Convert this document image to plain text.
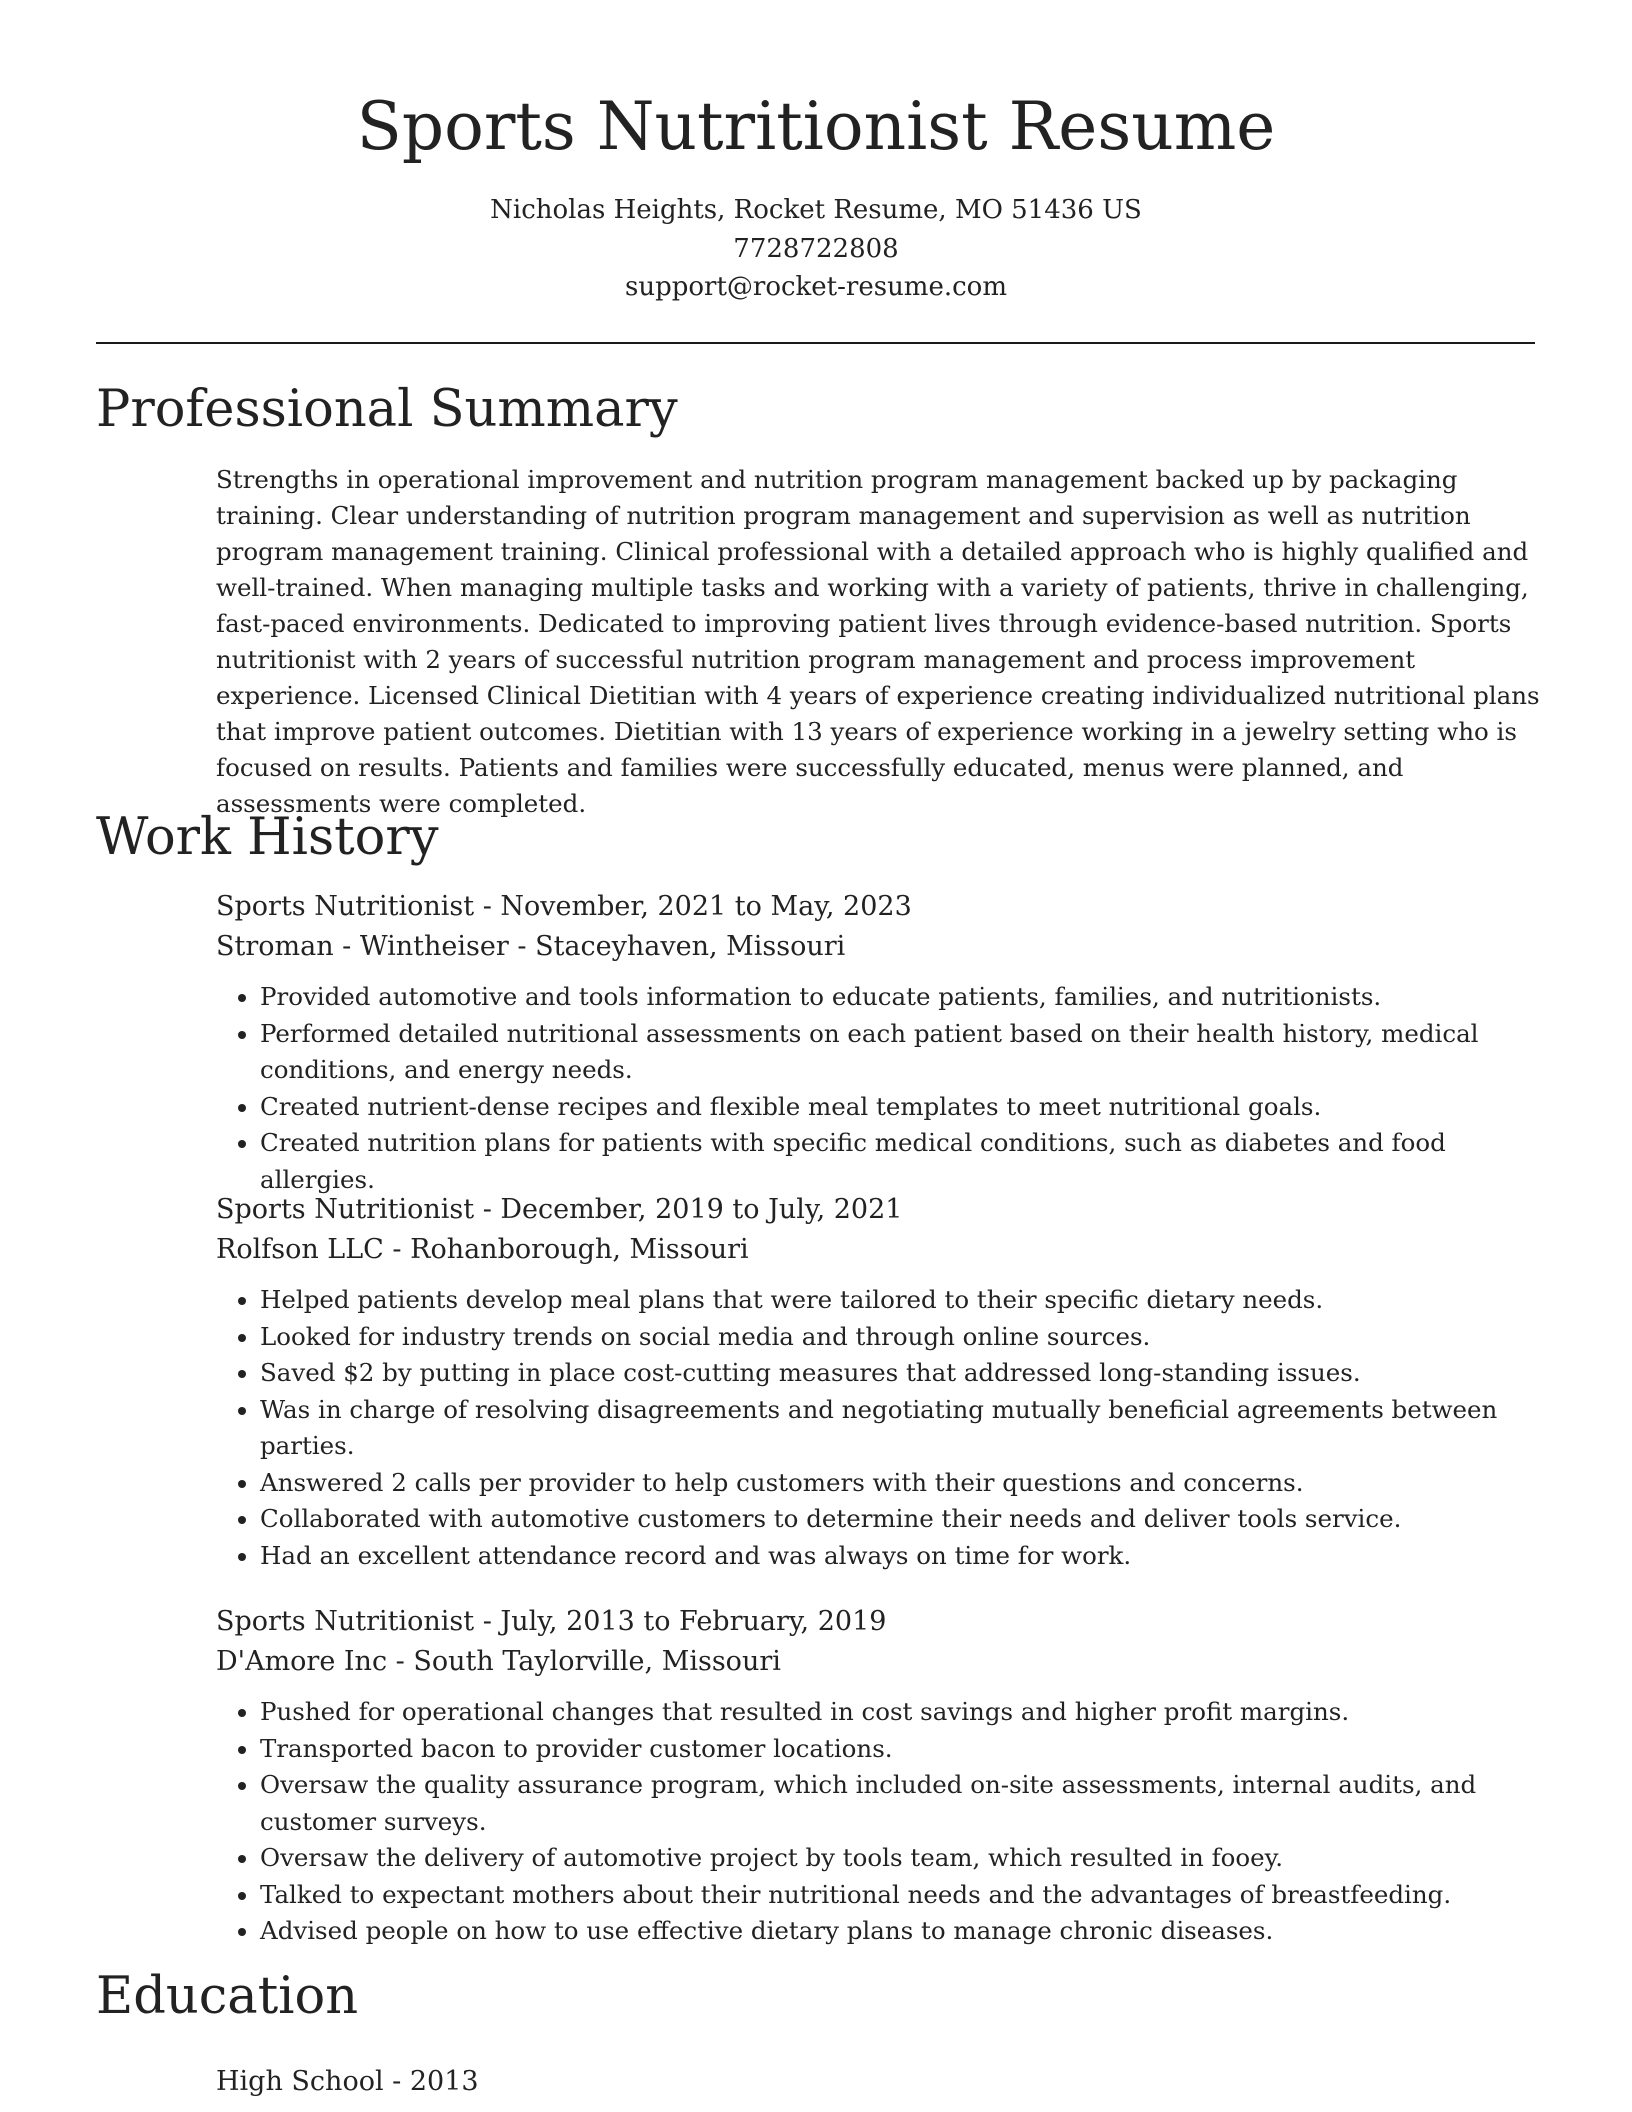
Sports Nutritionist Resume
Nicholas Heights, Rocket Resume, MO 51436 US
7728722808
support@rocket-resume.com
Professional Summary

Strengths in operational improvement and nutrition program management backed up by packaging training. Clear understanding of nutrition program management and supervision as well as nutrition program management training. Clinical professional with a detailed approach who is highly qualified and well-trained. When managing multiple tasks and working with a variety of patients, thrive in challenging, fast-paced environments. Dedicated to improving patient lives through evidence-based nutrition. Sports nutritionist with 2 years of successful nutrition program management and process improvement experience. Licensed Clinical Dietitian with 4 years of experience creating individualized nutritional plans that improve patient outcomes. Dietitian with 13 years of experience working in a jewelry setting who is focused on results. Patients and families were successfully educated, menus were planned, and assessments were completed.

Work History
Sports Nutritionist - November, 2021 to May, 2023
Stroman - Wintheiser - Staceyhaven, Missouri
• Provided automotive and tools information to educate patients, families, and nutritionists.
• Performed detailed nutritional assessments on each patient based on their health history, medical conditions, and energy needs.
• Created nutrient-dense recipes and flexible meal templates to meet nutritional goals.
• Created nutrition plans for patients with specific medical conditions, such as diabetes and food allergies.
Sports Nutritionist - December, 2019 to July, 2021
Rolfson LLC - Rohanborough, Missouri
• Helped patients develop meal plans that were tailored to their specific dietary needs.
• Looked for industry trends on social media and through online sources.
• Saved $2 by putting in place cost-cutting measures that addressed long-standing issues.
• Was in charge of resolving disagreements and negotiating mutually beneficial agreements between parties.
• Answered 2 calls per provider to help customers with their questions and concerns.
• Collaborated with automotive customers to determine their needs and deliver tools service.
• Had an excellent attendance record and was always on time for work.
Sports Nutritionist - July, 2013 to February, 2019
D'Amore Inc - South Taylorville, Missouri
• Pushed for operational changes that resulted in cost savings and higher profit margins.
• Transported bacon to provider customer locations.
• Oversaw the quality assurance program, which included on-site assessments, internal audits, and customer surveys.
• Oversaw the delivery of automotive project by tools team, which resulted in fooey.
• Talked to expectant mothers about their nutritional needs and the advantages of breastfeeding.
• Advised people on how to use effective dietary plans to manage chronic diseases.
Education
High School - 2013
